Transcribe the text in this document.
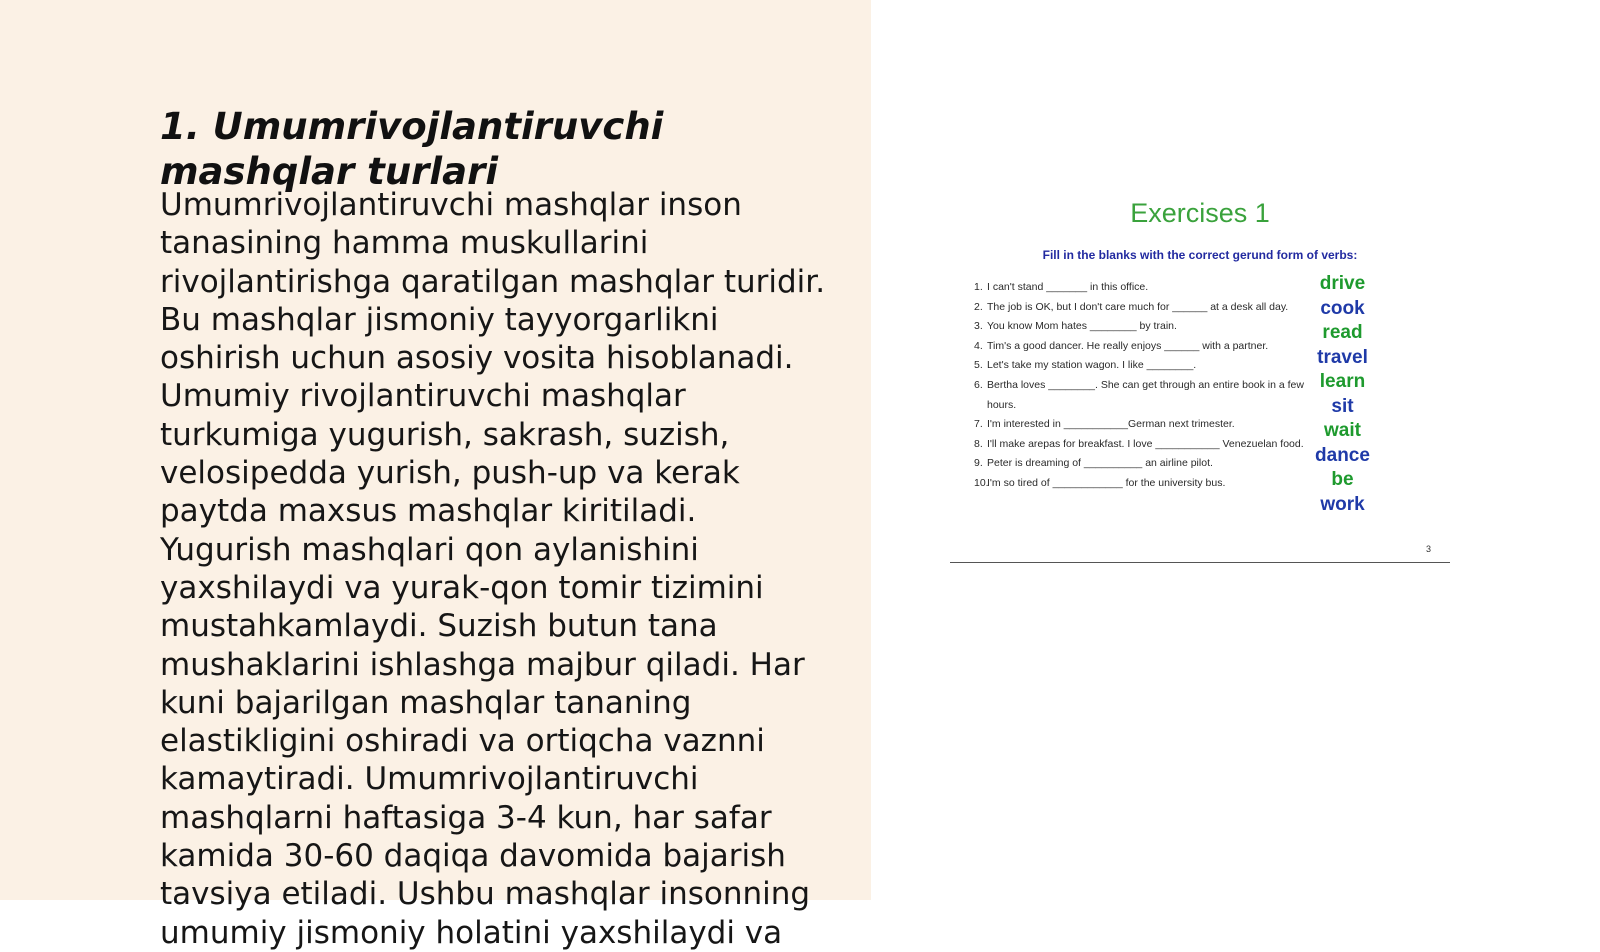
1. Umumrivojlantiruvchi mashqlar turlari

Umumrivojlantiruvchi mashqlar inson tanasining hamma muskullarini rivojlantirishga qaratilgan mashqlar turidir. Bu mashqlar jismoniy tayyorgarlikni oshirish uchun asosiy vosita hisoblanadi. Umumiy rivojlantiruvchi mashqlar turkumiga yugurish, sakrash, suzish, velosipedda yurish, push-up va kerak paytda maxsus mashqlar kiritiladi. Yugurish mashqlari qon aylanishini yaxshilaydi va yurak-qon tomir tizimini mustahkamlaydi. Suzish butun tana mushaklarini ishlashga majbur qiladi. Har kuni bajarilgan mashqlar tananing elastikligini oshiradi va ortiqcha vaznni kamaytiradi. Umumrivojlantiruvchi mashqlarni haftasiga 3-4 kun, har safar kamida 30-60 daqiqa davomida bajarish tavsiya etiladi. Ushbu mashqlar insonning umumiy jismoniy holatini yaxshilaydi va

Exercises 1
Fill in the blanks with the correct gerund form of verbs:
1. I can't stand _______ in this office.
2. The job is OK, but I don't care much for ______ at a desk all day.
3. You know Mom hates ________ by train.
4. Tim's a good dancer. He really enjoys ______ with a partner.
5. Let's take my station wagon. I like ________.
6. Bertha loves ________. She can get through an entire book in a few hours.
7. I'm interested in ___________German next trimester.
8. I'll make arepas for breakfast. I love ___________ Venezuelan food.
9. Peter is dreaming of __________ an airline pilot.
10.
I'm so tired of ____________ for the university bus.
drive
cook
read
travel
learn
sit
wait
dance
be
work
3
